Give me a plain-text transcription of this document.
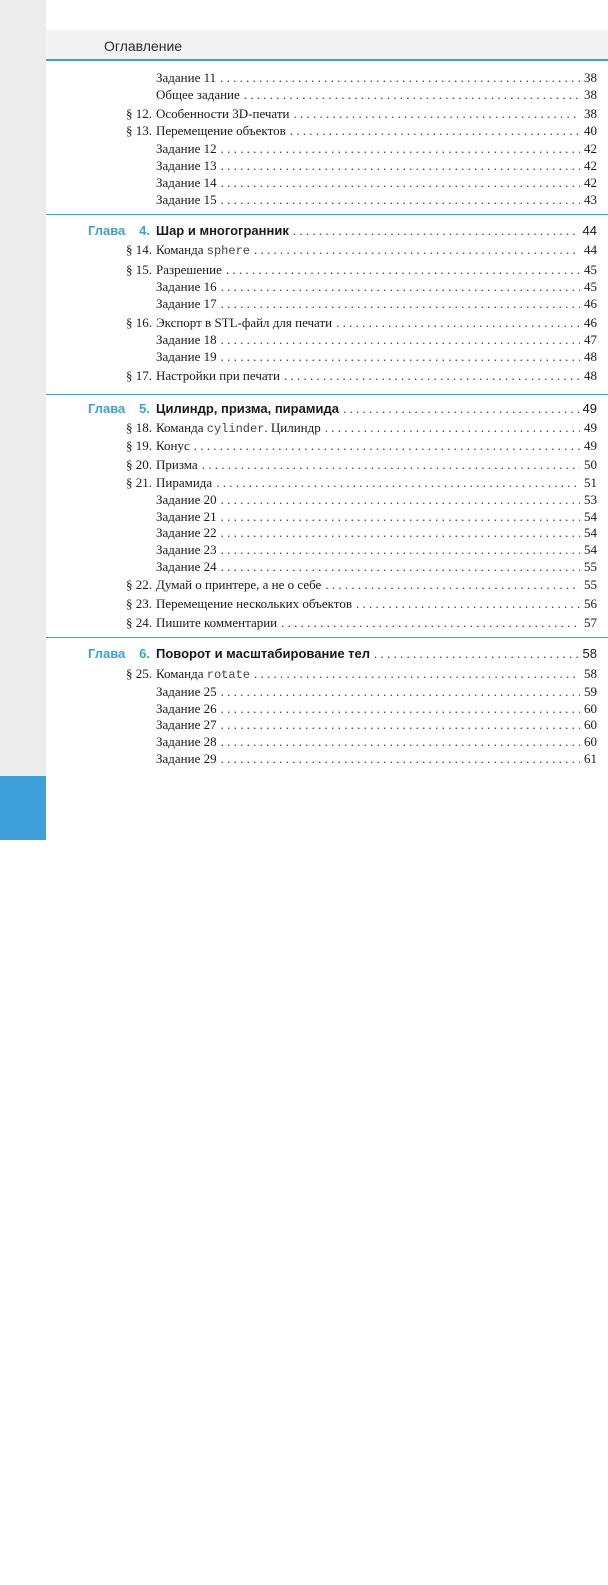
4
Оглавление
Задание 11 . . .	38
Общее задание . . .	38
§ 12. Особенности 3D-печати . . .	38
§ 13. Перемещение объектов . . .	40
Задание 12 . . .	42
Задание 13 . . .	42
Задание 14 . . .	42
Задание 15 . . .	43
Глава 4. Шар и многогранник . . .	44
§ 14. Команда sphere . . .	44
§ 15. Разрешение . . .	45
Задание 16 . . .	45
Задание 17 . . .	46
§ 16. Экспорт в STL-файл для печати . . .	46
Задание 18 . . .	47
Задание 19 . . .	48
§ 17. Настройки при печати . . .	48
Глава 5. Цилиндр, призма, пирамида . . .	49
§ 18. Команда cylinder. Цилиндр . . .	49
§ 19. Конус . . .	49
§ 20. Призма . . .	50
§ 21. Пирамида . . .	51
Задание 20 . . .	53
Задание 21 . . .	54
Задание 22 . . .	54
Задание 23 . . .	54
Задание 24 . . .	55
§ 22. Думай о принтере, а не о себе . . .	55
§ 23. Перемещение нескольких объектов . . .	56
§ 24. Пишите комментарии . . .	57
Глава 6. Поворот и масштабирование тел . . .	58
§ 25. Команда rotate . . .	58
Задание 25 . . .	59
Задание 26 . . .	60
Задание 27 . . .	60
Задание 28 . . .	60
Задание 29 . . .	61
